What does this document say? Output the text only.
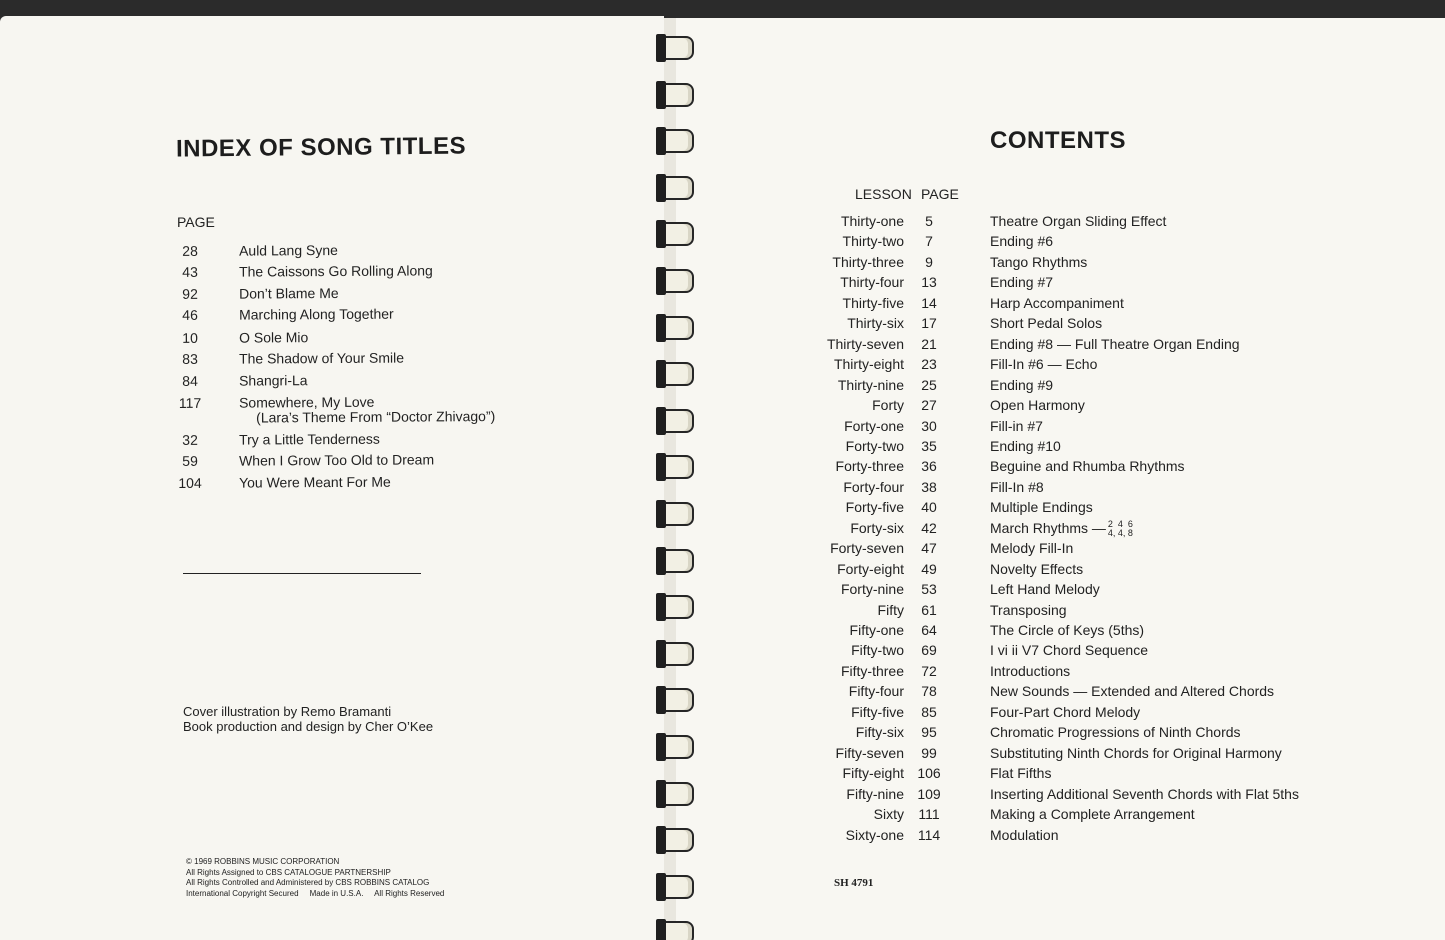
INDEX OF SONG TITLES
PAGE
28	Auld Lang Syne
43	The Caissons Go Rolling Along
92	Don’t Blame Me
46	Marching Along Together
10	O Sole Mio
83	The Shadow of Your Smile
84	Shangri-La
117	Somewhere, My Love
(Lara’s Theme From “Doctor Zhivago”)
32	Try a Little Tenderness
59	When I Grow Too Old to Dream
104	You Were Meant For Me
Cover illustration by Remo Bramanti
Book production and design by Cher O’Kee
© 1969 ROBBINS MUSIC CORPORATION
All Rights Assigned to CBS CATALOGUE PARTNERSHIP
All Rights Controlled and Administered by CBS ROBBINS CATALOG
International Copyright Secured     Made in U.S.A.     All Rights Reserved
CONTENTS
LESSON PAGE
Thirty-one	5	Theatre Organ Sliding Effect
Thirty-two	7	Ending #6
Thirty-three	9	Tango Rhythms
Thirty-four	13	Ending #7
Thirty-five	14	Harp Accompaniment
Thirty-six	17	Short Pedal Solos
Thirty-seven	21	Ending #8 — Full Theatre Organ Ending
Thirty-eight	23	Fill-In #6 — Echo
Thirty-nine	25	Ending #9
Forty	27	Open Harmony
Forty-one	30	Fill-in #7
Forty-two	35	Ending #10
Forty-three	36	Beguine and Rhumba Rhythms
Forty-four	38	Fill-In #8
Forty-five	40	Multiple Endings
Forty-six	42	March Rhythms — 2  4  6
4, 4, 8
Forty-seven	47	Melody Fill-In
Forty-eight	49	Novelty Effects
Forty-nine	53	Left Hand Melody
Fifty	61	Transposing
Fifty-one	64	The Circle of Keys (5ths)
Fifty-two	69	I vi ii V7 Chord Sequence
Fifty-three	72	Introductions
Fifty-four	78	New Sounds — Extended and Altered Chords
Fifty-five	85	Four-Part Chord Melody
Fifty-six	95	Chromatic Progressions of Ninth Chords
Fifty-seven	99	Substituting Ninth Chords for Original Harmony
Fifty-eight 106	Flat Fifths
Fifty-nine 109	Inserting Additional Seventh Chords with Flat 5ths
Sixty	111	Making a Complete Arrangement
Sixty-one 114	Modulation
SH 4791
